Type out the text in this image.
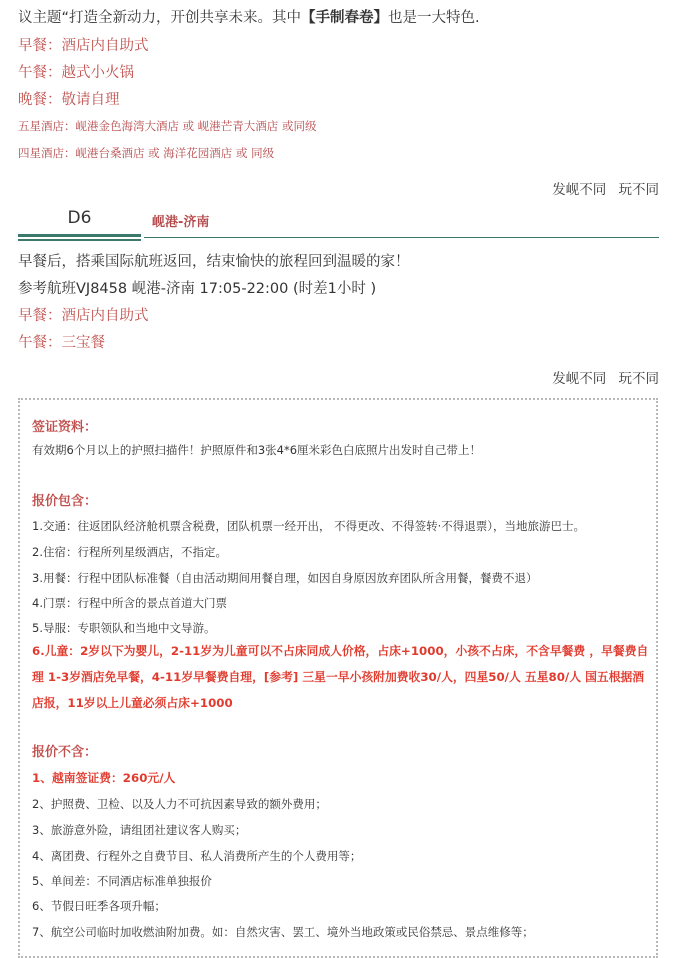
议主题“打造全新动力，开创共享未来。其中【手制春卷】也是一大特色.
早餐：酒店内自助式
午餐：越式小火锅
晚餐：敬请自理
五星酒店：岘港金色海湾大酒店 或 岘港芒青大酒店 或同级
四星酒店：岘港台桑酒店 或 海洋花园酒店 或 同级
发岘不同 玩不同
D6	岘港-济南
早餐后，搭乘国际航班返回，结束愉快的旅程回到温暖的家！
参考航班VJ8458 岘港-济南 17:05-22:00 (时差1小时 )
早餐：酒店内自助式
午餐：三宝餐
发岘不同 玩不同
签证资料：
有效期6个月以上的护照扫描件！护照原件和3张4*6厘米彩色白底照片出发时自己带上！
报价包含：
1.交通：往返团队经济舱机票含税费，团队机票一经开出， 不得更改、不得签转·不得退票），当地旅游巴士。
2.住宿：行程所列星级酒店，不指定。
3.用餐：行程中团队标准餐（自由活动期间用餐自理，如因自身原因放弃团队所含用餐，餐费不退）
4.门票：行程中所含的景点首道大门票
5.导服：专职领队和当地中文导游。
6.儿童：2岁以下为婴儿，2-11岁为儿童可以不占床同成人价格，占床+1000，小孩不占床，不含早餐费 ，早餐费自理 1-3岁酒店免早餐，4-11岁早餐费自理，[参考] 三星一早小孩附加费收30/人，四星50/人 五星80/人 国五根据酒店报，11岁以上儿童必须占床+1000
报价不含：
1、越南签证费：260元/人
2、护照费、卫检、以及人力不可抗因素导致的额外费用；
3、旅游意外险，请组团社建议客人购买；
4、离团费、行程外之自费节目、私人消费所产生的个人费用等；
5、单间差：不同酒店标准单独报价
6、节假日旺季各项升幅；
7、航空公司临时加收燃油附加费。如：自然灾害、罢工、境外当地政策或民俗禁忌、景点维修等；
